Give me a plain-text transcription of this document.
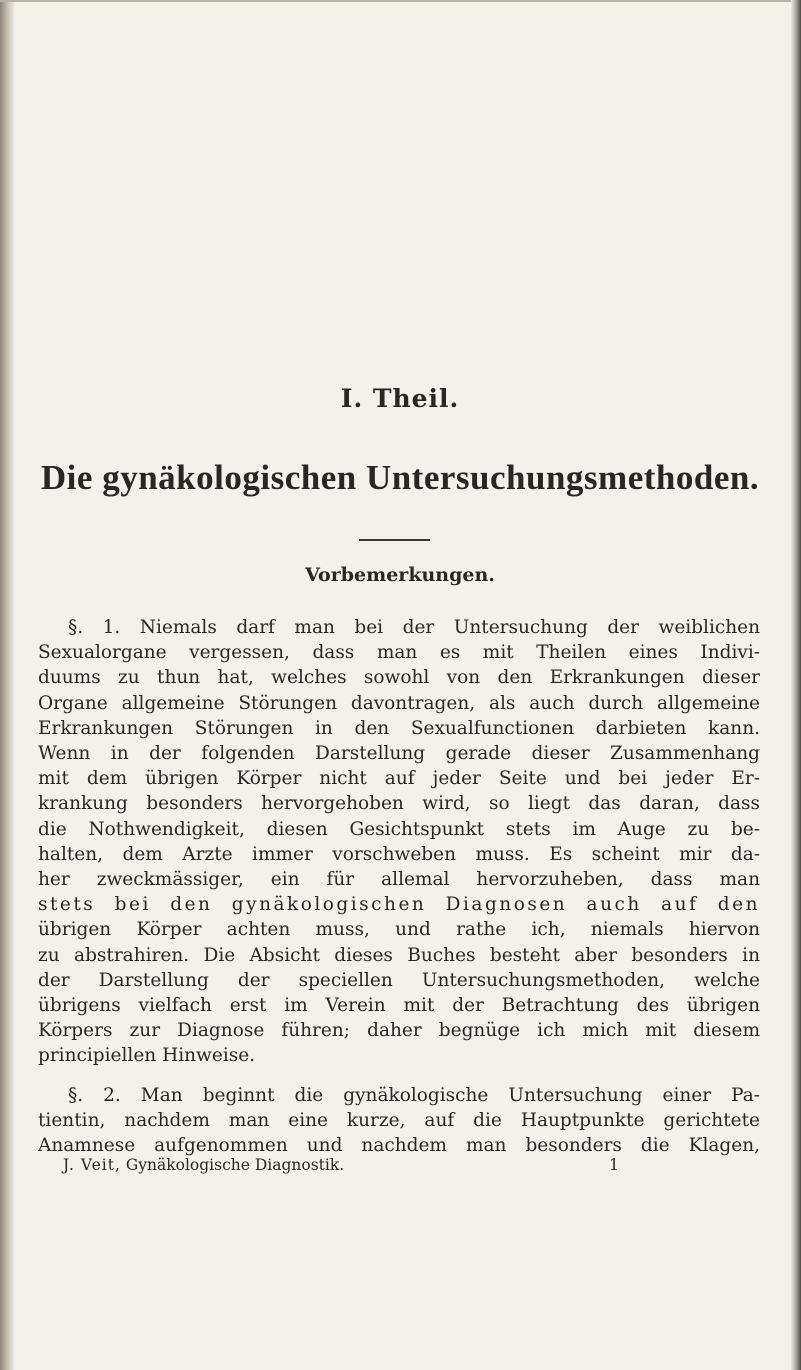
I. Theil.
Die gynäkologischen Untersuchungsmethoden.
Vorbemerkungen.

§. 1. Niemals darf man bei der Untersuchung der weiblichen
Sexualorgane vergessen, dass man es mit Theilen eines Indivi-
duums zu thun hat, welches sowohl von den Erkrankungen dieser
Organe allgemeine Störungen davontragen, als auch durch allgemeine
Erkrankungen Störungen in den Sexualfunctionen darbieten kann.
Wenn in der folgenden Darstellung gerade dieser Zusammenhang
mit dem übrigen Körper nicht auf jeder Seite und bei jeder Er-
krankung besonders hervorgehoben wird, so liegt das daran, dass
die Nothwendigkeit, diesen Gesichtspunkt stets im Auge zu be-
halten, dem Arzte immer vorschweben muss. Es scheint mir da-
her zweckmässiger, ein für allemal hervorzuheben, dass man
stets bei den gynäkologischen Diagnosen auch auf den
übrigen Körper achten muss, und rathe ich, niemals hiervon
zu abstrahiren. Die Absicht dieses Buches besteht aber besonders in
der Darstellung der speciellen Untersuchungsmethoden, welche
übrigens vielfach erst im Verein mit der Betrachtung des übrigen
Körpers zur Diagnose führen; daher begnüge ich mich mit diesem
principiellen Hinweise.

§. 2. Man beginnt die gynäkologische Untersuchung einer Pa-
tientin, nachdem man eine kurze, auf die Hauptpunkte gerichtete
Anamnese aufgenommen und nachdem man besonders die Klagen,

J. Veit, Gynäkologische Diagnostik.	1
